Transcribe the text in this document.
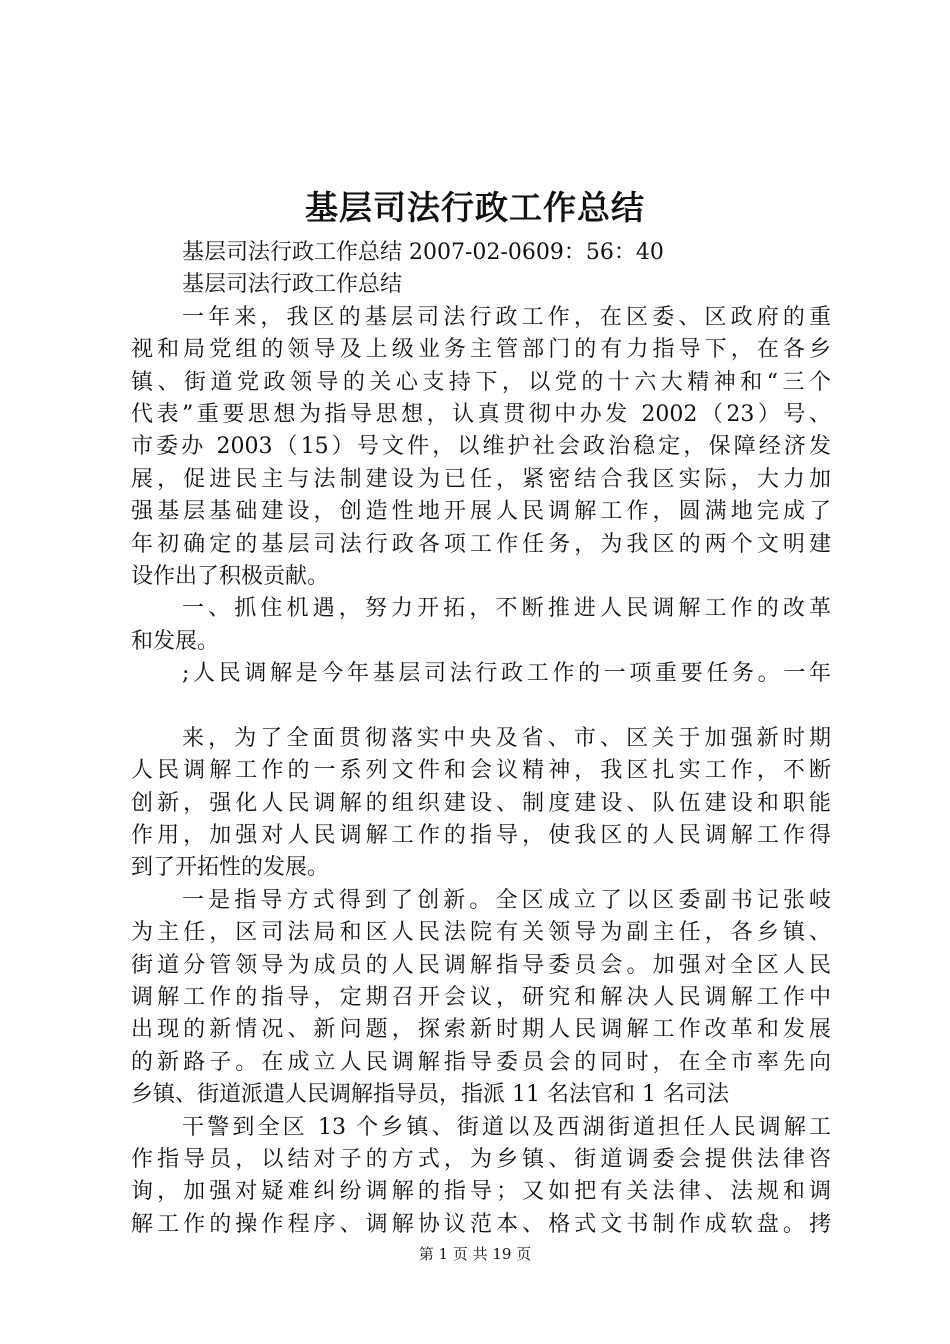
基层司法行政工作总结
基层司法行政工作总结 2007-02-0609：56：40
基层司法行政工作总结
一年来，我区的基层司法行政工作，在区委、区政府的重
视和局党组的领导及上级业务主管部门的有力指导下，在各乡
镇、街道党政领导的关心支持下，以党的十六大精神和“三个
代表”重要思想为指导思想，认真贯彻中办发 2002（23）号、
市委办 2003（15）号文件，以维护社会政治稳定，保障经济发
展，促进民主与法制建设为已任，紧密结合我区实际，大力加
强基层基础建设，创造性地开展人民调解工作，圆满地完成了
年初确定的基层司法行政各项工作任务，为我区的两个文明建
设作出了积极贡献。
一、抓住机遇，努力开拓，不断推进人民调解工作的改革
和发展。
;人民调解是今年基层司法行政工作的一项重要任务。一年
来，为了全面贯彻落实中央及省、市、区关于加强新时期
人民调解工作的一系列文件和会议精神，我区扎实工作，不断
创新，强化人民调解的组织建设、制度建设、队伍建设和职能
作用，加强对人民调解工作的指导，使我区的人民调解工作得
到了开拓性的发展。
一是指导方式得到了创新。全区成立了以区委副书记张岐
为主任，区司法局和区人民法院有关领导为副主任，各乡镇、
街道分管领导为成员的人民调解指导委员会。加强对全区人民
调解工作的指导，定期召开会议，研究和解决人民调解工作中
出现的新情况、新问题，探索新时期人民调解工作改革和发展
的新路子。在成立人民调解指导委员会的同时，在全市率先向
乡镇、街道派遣人民调解指导员，指派 11 名法官和 1 名司法
干警到全区 13 个乡镇、街道以及西湖街道担任人民调解工
作指导员，以结对子的方式，为乡镇、街道调委会提供法律咨
询，加强对疑难纠纷调解的指导；又如把有关法律、法规和调
解工作的操作程序、调解协议范本、格式文书制作成软盘。拷
第 1 页 共 19 页
